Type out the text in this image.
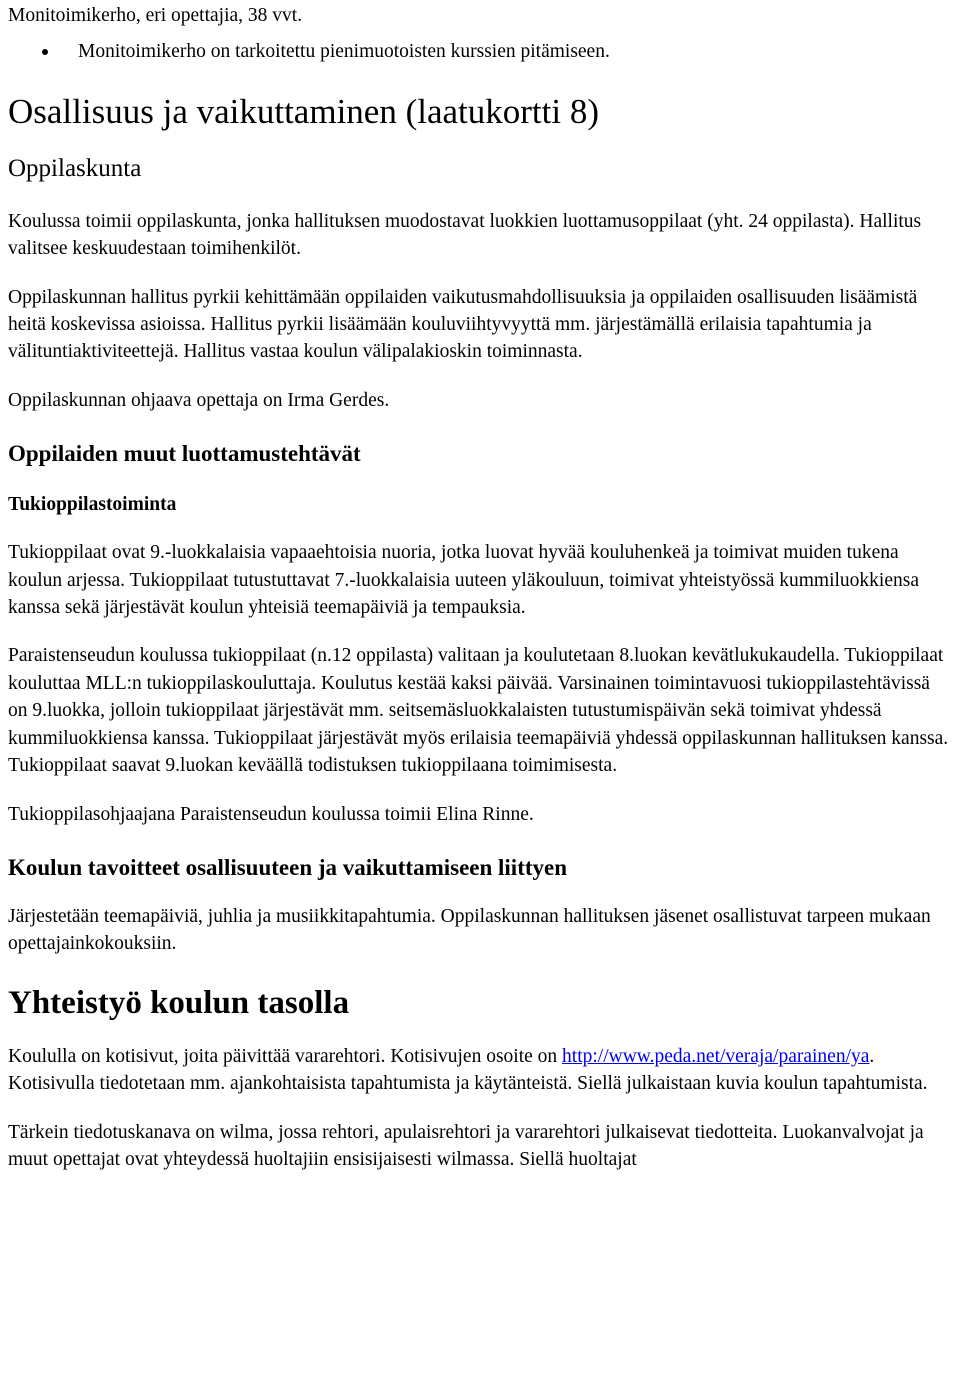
Monitoimikerho, eri opettajia, 38 vvt.

Monitoimikerho on tarkoitettu pienimuotoisten kurssien pitämiseen.
Osallisuus ja vaikuttaminen (laatukortti 8)
Oppilaskunta

Koulussa toimii oppilaskunta, jonka hallituksen muodostavat luokkien luottamusoppilaat (yht. 24 oppilasta). Hallitus valitsee keskuudestaan toimihenkilöt.

Oppilaskunnan hallitus pyrkii kehittämään oppilaiden vaikutusmahdollisuuksia ja oppilaiden osallisuuden lisäämistä heitä koskevissa asioissa. Hallitus pyrkii lisäämään kouluviihtyvyyttä mm. järjestämällä erilaisia tapahtumia ja välituntiaktiviteettejä. Hallitus vastaa koulun välipalakioskin toiminnasta.

Oppilaskunnan ohjaava opettaja on Irma Gerdes.

Oppilaiden muut luottamustehtävät
Tukioppilastoiminta

Tukioppilaat ovat 9.-luokkalaisia vapaaehtoisia nuoria, jotka luovat hyvää kouluhenkeä ja toimivat muiden tukena koulun arjessa. Tukioppilaat tutustuttavat 7.-luokkalaisia uuteen yläkouluun, toimivat yhteistyössä kummiluokkiensa kanssa sekä järjestävät koulun yhteisiä teemapäiviä ja tempauksia.

Paraistenseudun koulussa tukioppilaat (n.12 oppilasta) valitaan ja koulutetaan 8.luokan kevätlukukaudella. Tukioppilaat kouluttaa MLL:n tukioppilaskouluttaja. Koulutus kestää kaksi päivää. Varsinainen toimintavuosi tukioppilastehtävissä on 9.luokka, jolloin tukioppilaat järjestävät mm. seitsemäsluokkalaisten tutustumispäivän sekä toimivat yhdessä kummiluokkiensa kanssa. Tukioppilaat järjestävät myös erilaisia teemapäiviä yhdessä oppilaskunnan hallituksen kanssa. Tukioppilaat saavat 9.luokan keväällä todistuksen tukioppilaana toimimisesta.

Tukioppilasohjaajana Paraistenseudun koulussa toimii Elina Rinne.

Koulun tavoitteet osallisuuteen ja vaikuttamiseen liittyen

Järjestetään teemapäiviä, juhlia ja musiikkitapahtumia. Oppilaskunnan hallituksen jäsenet osallistuvat tarpeen mukaan opettajainkokouksiin.

Yhteistyö koulun tasolla

Koululla on kotisivut, joita päivittää vararehtori. Kotisivujen osoite on http://www.peda.net/veraja/parainen/ya. Kotisivulla tiedotetaan mm. ajankohtaisista tapahtumista ja käytänteistä. Siellä julkaistaan kuvia koulun tapahtumista.

Tärkein tiedotuskanava on wilma, jossa rehtori, apulaisrehtori ja vararehtori julkaisevat tiedotteita. Luokanvalvojat ja muut opettajat ovat yhteydessä huoltajiin ensisijaisesti wilmassa. Siellä huoltajat
